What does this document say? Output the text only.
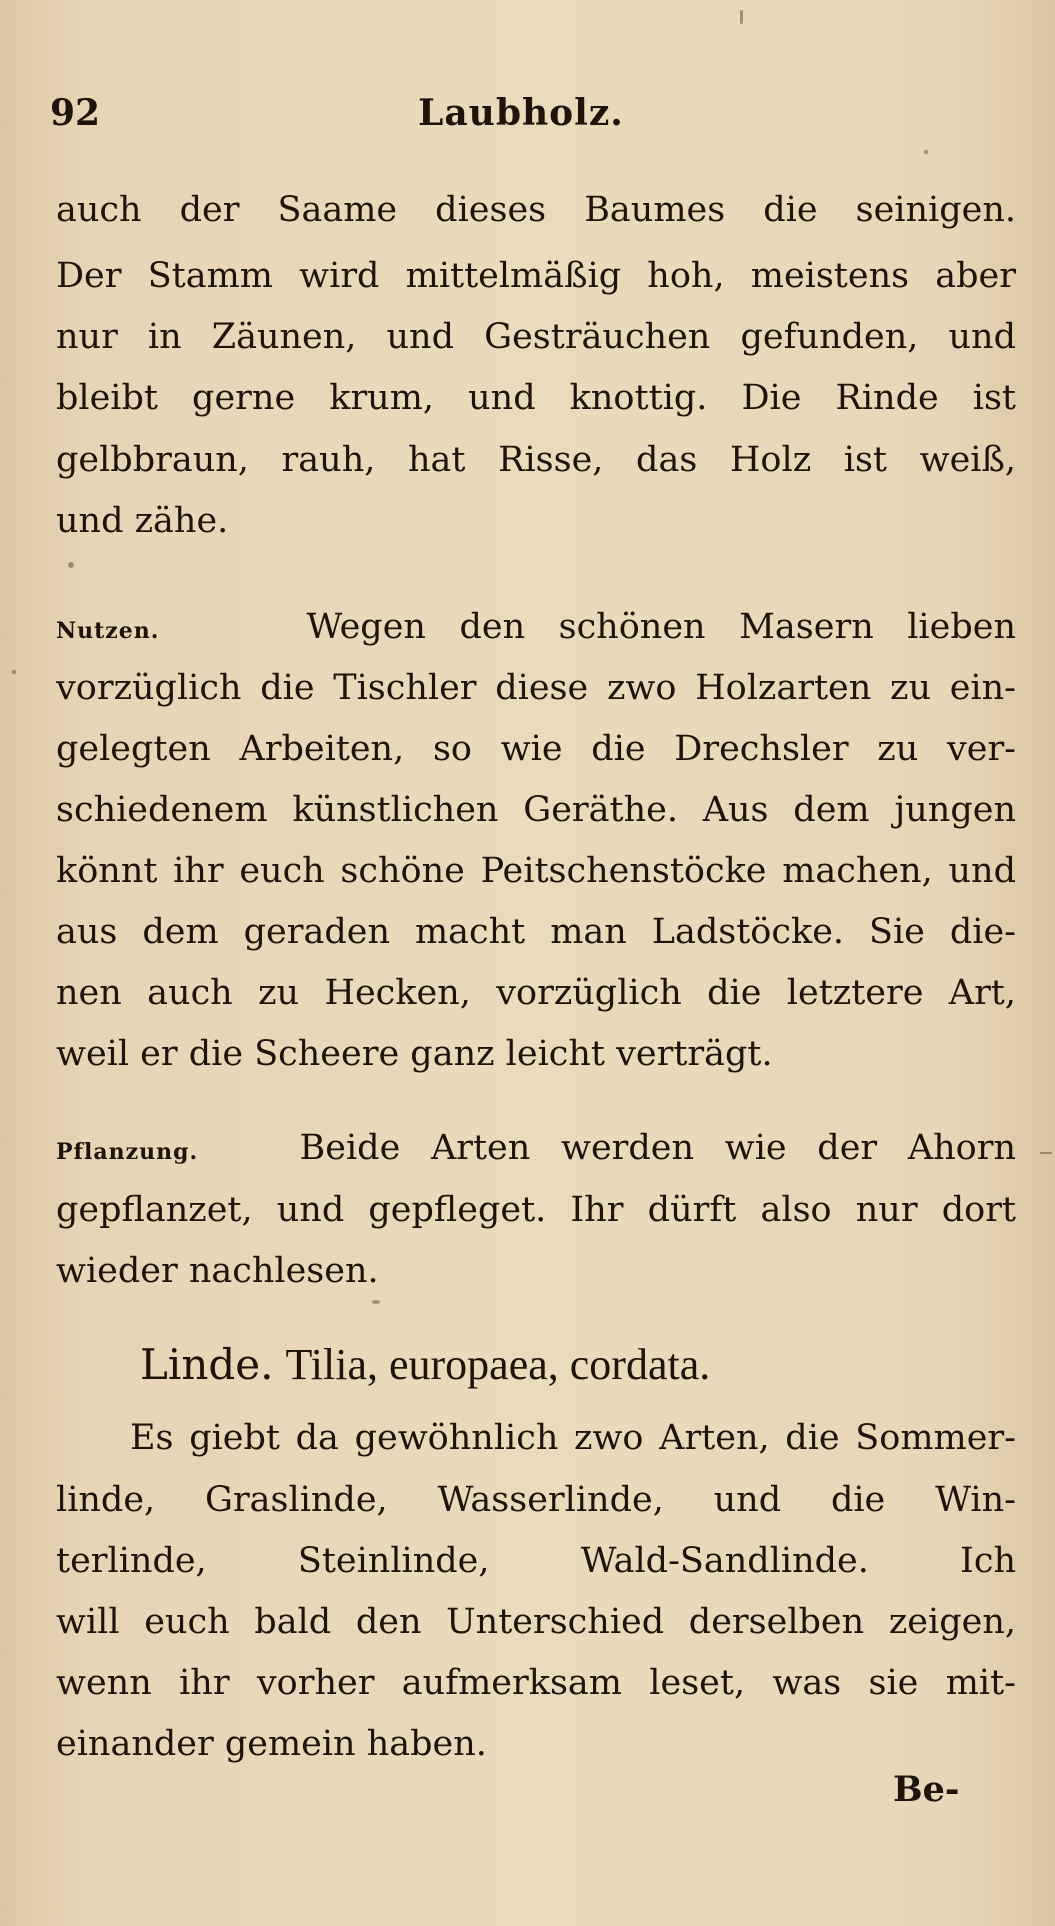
92	Laubholz.
auch der Saame dieses Baumes die seinigen.
Der Stamm wird mittelmäßig hoh, meistens aber
nur in Zäunen, und Gesträuchen gefunden, und
bleibt gerne krum, und knottig. Die Rinde ist
gelbbraun, rauh, hat Risse, das Holz ist weiß,
und zähe.
Nutzen.	Wegen den schönen Masern lieben
vorzüglich die Tischler diese zwo Holzarten zu ein-
gelegten Arbeiten, so wie die Drechsler zu ver-
schiedenem künstlichen Geräthe. Aus dem jungen
könnt ihr euch schöne Peitschenstöcke machen, und
aus dem geraden macht man Ladstöcke. Sie die-
nen auch zu Hecken, vorzüglich die letztere Art,
weil er die Scheere ganz leicht verträgt.
Pflanzung.	Beide Arten werden wie der Ahorn
gepflanzet, und gepfleget. Ihr dürft also nur dort
wieder nachlesen.
Linde. Tilia, europaea, cordata.
Es giebt da gewöhnlich zwo Arten, die Sommer-
linde, Graslinde, Wasserlinde, und die Win-
terlinde, Steinlinde, Wald-Sandlinde. Ich
will euch bald den Unterschied derselben zeigen,
wenn ihr vorher aufmerksam leset, was sie mit-
einander gemein haben.
Be-
